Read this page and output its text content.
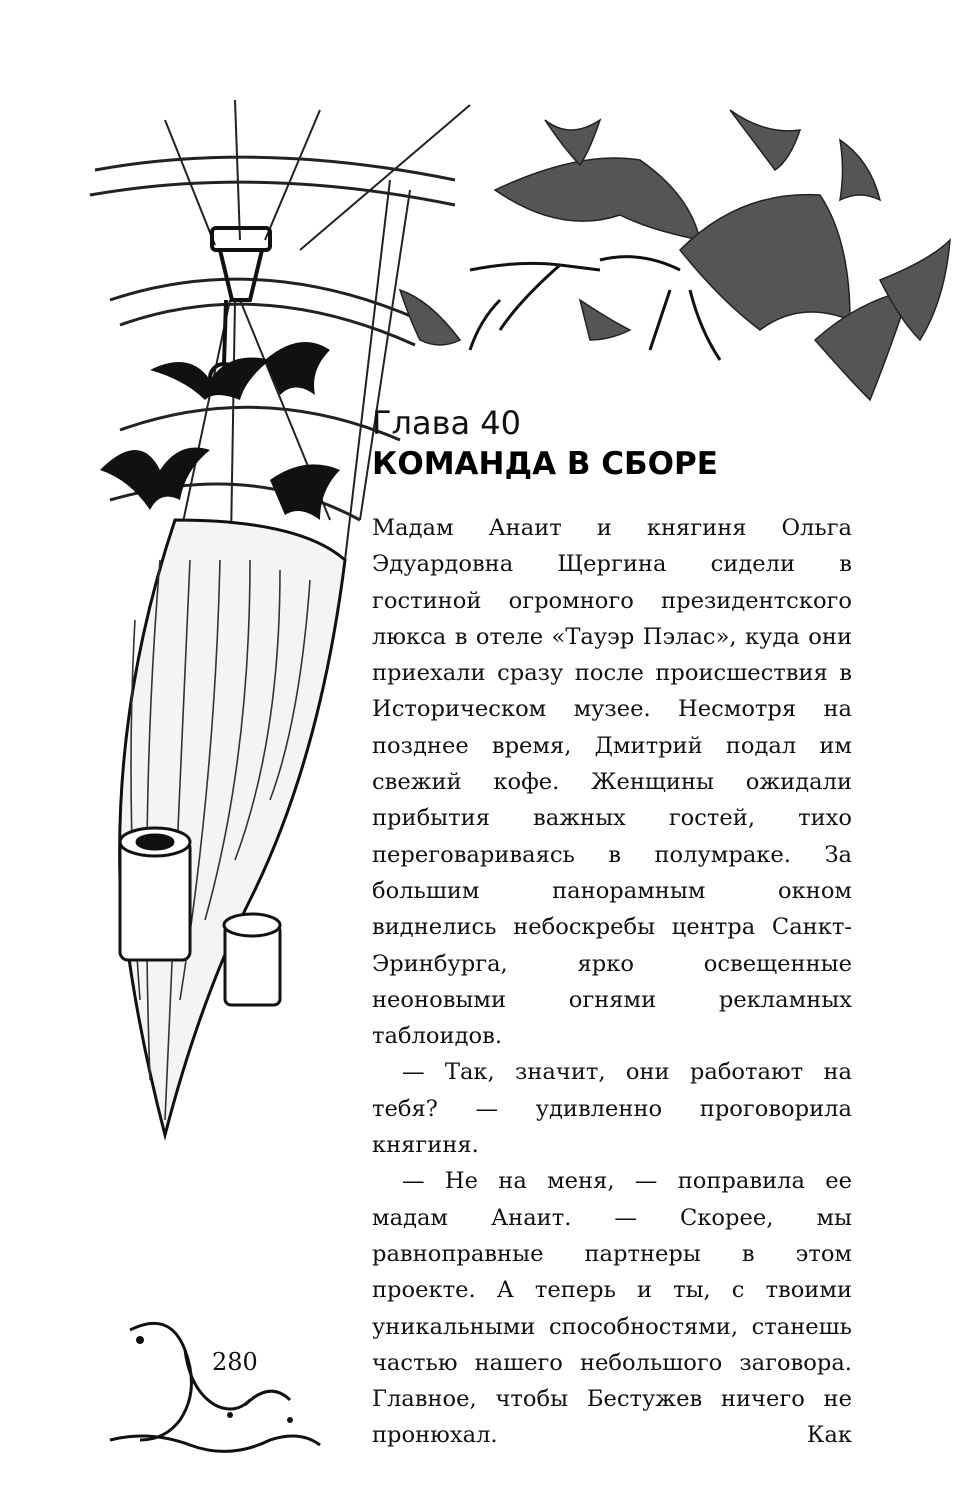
Глава 40
КОМАНДА В СБОРЕ

Мадам Анаит и княгиня Ольга Эдуардовна Щергина сидели в гостиной огромного президентского люкса в отеле «Тауэр Пэлас», куда они приехали сразу после происшествия в Историческом музее. Несмотря на позднее время, Дмитрий подал им свежий кофе. Женщины ожидали прибытия важных гостей, тихо переговариваясь в полумраке. За большим панорамным окном виднелись небоскребы центра Санкт-Эринбурга, ярко освещенные неоновыми огнями рекламных таблоидов.

— Так, значит, они работают на тебя? — удивленно проговорила княгиня.

— Не на меня, — поправила ее мадам Анаит. — Скорее, мы равноправные партнеры в этом проекте. А теперь и ты, с твоими уникальными способностями, станешь частью нашего небольшого заговора. Главное, чтобы Бестужев ничего не пронюхал. Как

280
